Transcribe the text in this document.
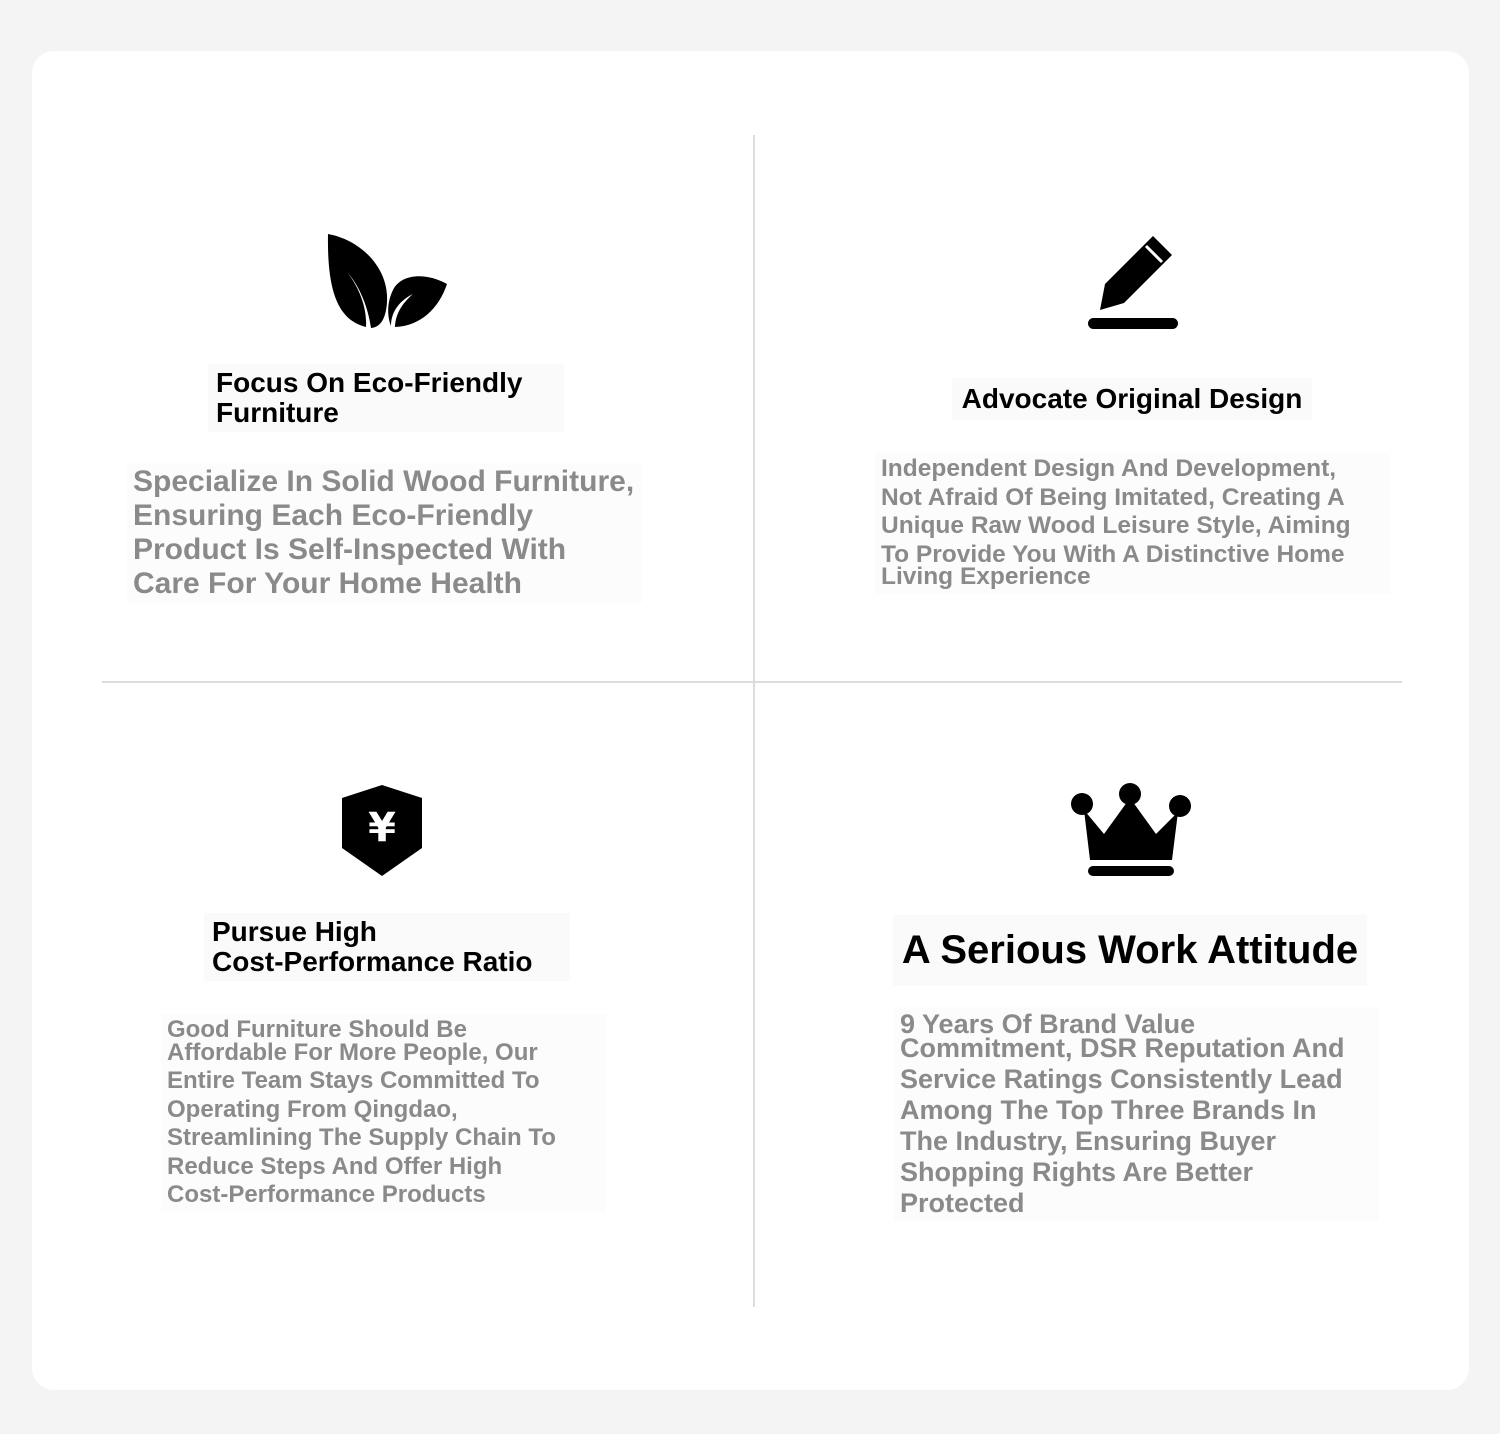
Focus On Eco-Friendly
Furniture
Specialize In Solid Wood Furniture,
Ensuring Each Eco-Friendly
Product Is Self-Inspected With
Care For Your Home Health
Advocate Original Design
Independent Design And Development,
Not Afraid Of Being Imitated, Creating A
Unique Raw Wood Leisure Style, Aiming
To Provide You With A Distinctive Home
Living Experience
¥
Pursue High
Cost-Performance Ratio
Good Furniture Should Be
Affordable For More People, Our
Entire Team Stays Committed To
Operating From Qingdao,
Streamlining The Supply Chain To
Reduce Steps And Offer High
Cost-Performance Products
A Serious Work Attitude
9 Years Of Brand Value
Commitment, DSR Reputation And
Service Ratings Consistently Lead
Among The Top Three Brands In
The Industry, Ensuring Buyer
Shopping Rights Are Better
Protected
